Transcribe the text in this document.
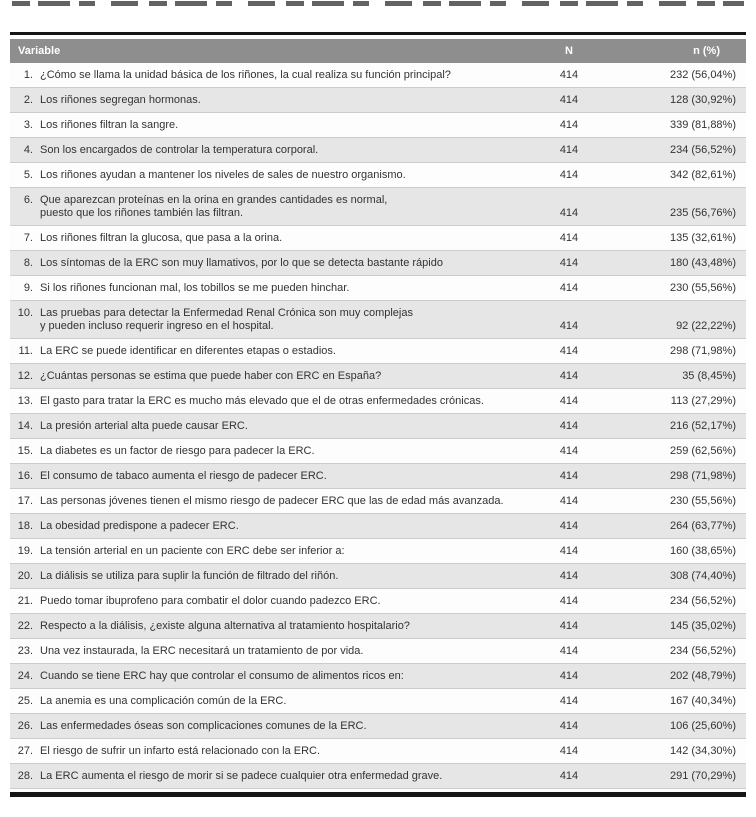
Variable	N	n (%)

1. ¿Cómo se llama la unidad básica de los riñones, la cual realiza su función principal?	414	232 (56,04%)

2. Los riñones segregan hormonas.	414	128 (30,92%)

3. Los riñones filtran la sangre.	414	339 (81,88%)

4. Son los encargados de controlar la temperatura corporal.	414	234 (56,52%)

5. Los riñones ayudan a mantener los niveles de sales de nuestro organismo.	414	342 (82,61%)

6. Que aparezcan proteínas en la orina en grandes cantidades es normal,
puesto que los riñones también las filtran.	414	235 (56,76%)

7. Los riñones filtran la glucosa, que pasa a la orina.	414	135 (32,61%)

8. Los síntomas de la ERC son muy llamativos, por lo que se detecta bastante rápido	414	180 (43,48%)

9. Si los riñones funcionan mal, los tobillos se me pueden hinchar.	414	230 (55,56%)

10. Las pruebas para detectar la Enfermedad Renal Crónica son muy complejas
y pueden incluso requerir ingreso en el hospital.	414	92 (22,22%)

11. La ERC se puede identificar en diferentes etapas o estadios.	414	298 (71,98%)

12. ¿Cuántas personas se estima que puede haber con ERC en España?	414	35 (8,45%)

13. El gasto para tratar la ERC es mucho más elevado que el de otras enfermedades crónicas.	414	113 (27,29%)

14. La presión arterial alta puede causar ERC.	414	216 (52,17%)

15. La diabetes es un factor de riesgo para padecer la ERC.	414	259 (62,56%)

16. El consumo de tabaco aumenta el riesgo de padecer ERC.	414	298 (71,98%)

17. Las personas jóvenes tienen el mismo riesgo de padecer ERC que las de edad más avanzada.	414	230 (55,56%)

18. La obesidad predispone a padecer ERC.	414	264 (63,77%)

19. La tensión arterial en un paciente con ERC debe ser inferior a:	414	160 (38,65%)

20. La diálisis se utiliza para suplir la función de filtrado del riñón.	414	308 (74,40%)

21. Puedo tomar ibuprofeno para combatir el dolor cuando padezco ERC.	414	234 (56,52%)

22. Respecto a la diálisis, ¿existe alguna alternativa al tratamiento hospitalario?	414	145 (35,02%)

23. Una vez instaurada, la ERC necesitará un tratamiento de por vida.	414	234 (56,52%)

24. Cuando se tiene ERC hay que controlar el consumo de alimentos ricos en:	414	202 (48,79%)

25. La anemia es una complicación común de la ERC.	414	167 (40,34%)

26. Las enfermedades óseas son complicaciones comunes de la ERC.	414	106 (25,60%)

27. El riesgo de sufrir un infarto está relacionado con la ERC.	414	142 (34,30%)

28. La ERC aumenta el riesgo de morir si se padece cualquier otra enfermedad grave.	414	291 (70,29%)
